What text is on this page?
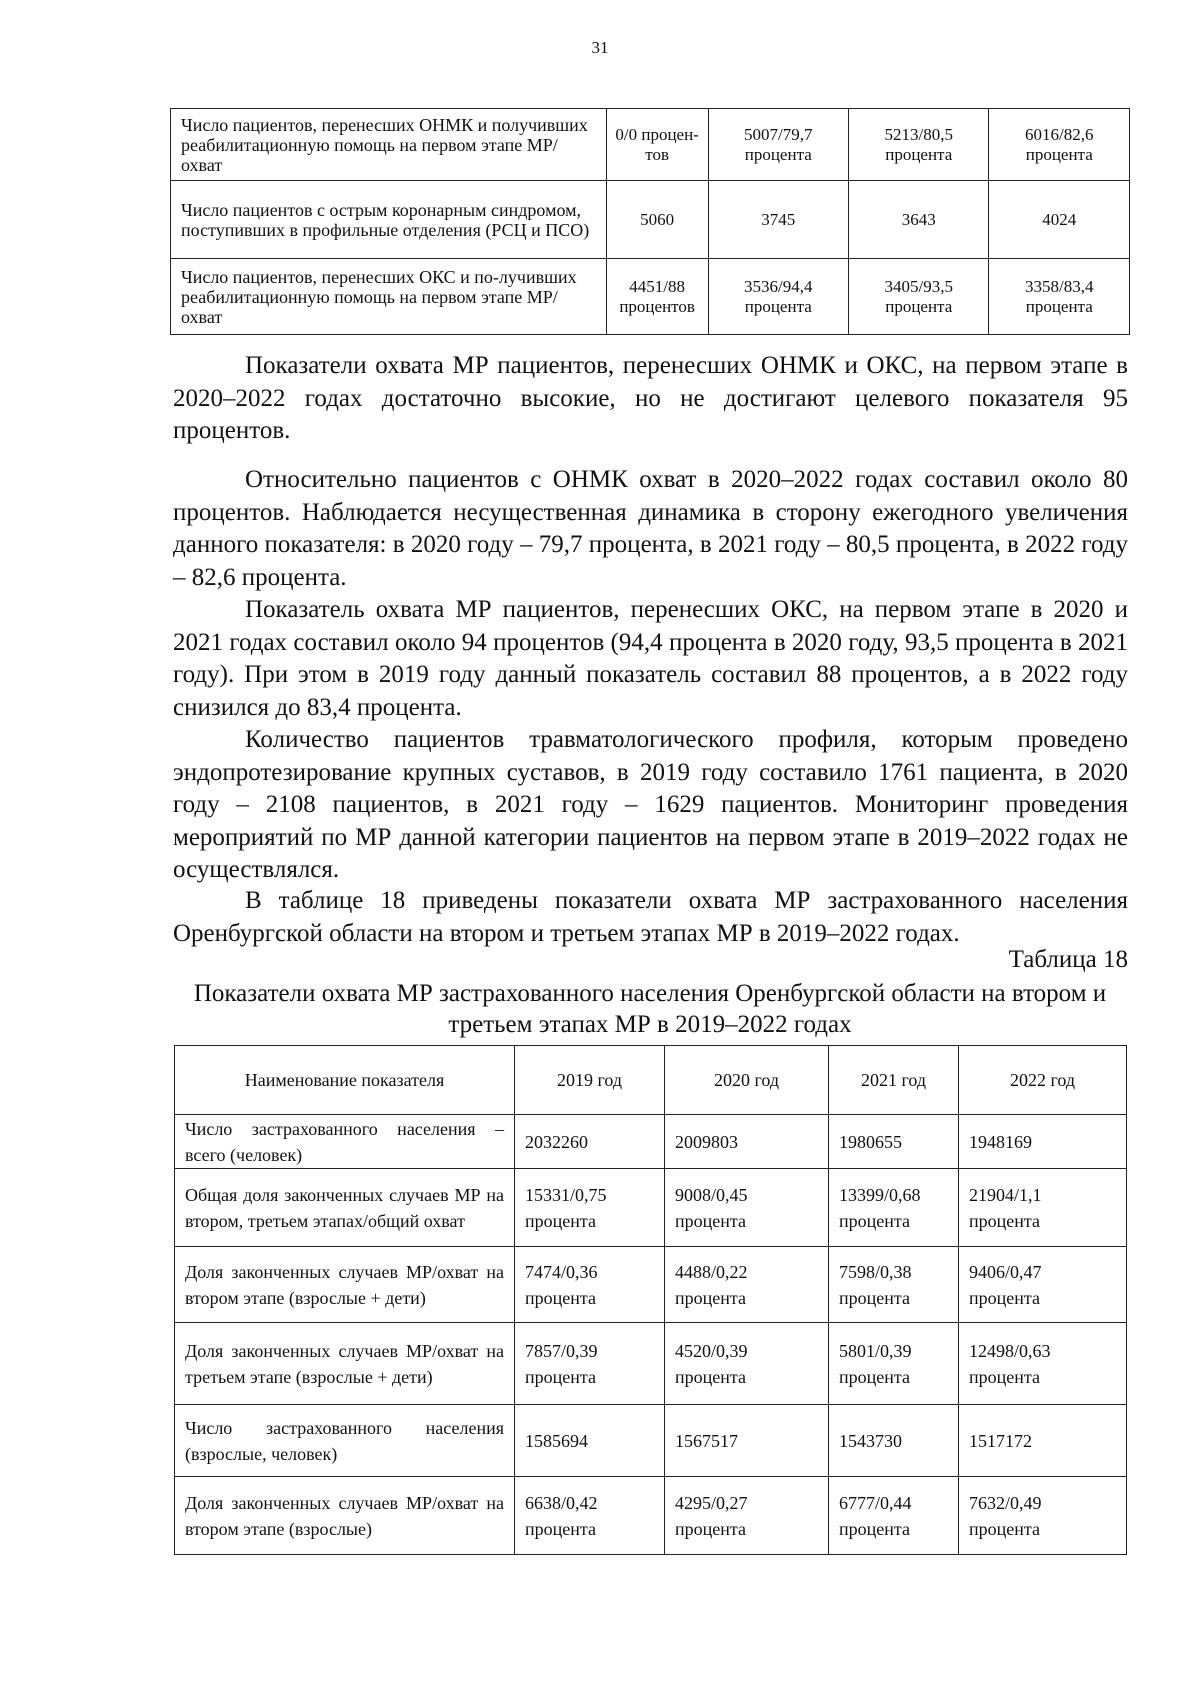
31
Число пациентов, перенесших ОНМК и получивших реабилитационную помощь на первом этапе МР/охват	0/0 процен-тов	5007/79,7 процента	5213/80,5 процента	6016/82,6 процента
Число пациентов с острым коронарным синдромом, поступивших в профильные отделения (РСЦ и ПСО)	5060	3745	3643	4024
Число пациентов, перенесших ОКС и по-лучивших реабилитационную помощь на первом этапе МР/охват	4451/88 процентов	3536/94,4 процента	3405/93,5 процента	3358/83,4 процента

Показатели охвата МР пациентов, перенесших ОНМК и ОКС, на первом этапе в 2020–2022 годах достаточно высокие, но не достигают целевого показателя 95 процентов.

Относительно пациентов с ОНМК охват в 2020–2022 годах составил около 80 процентов. Наблюдается несущественная динамика в сторону ежегодного увеличения данного показателя: в 2020 году – 79,7 процента, в 2021 году – 80,5 процента, в 2022 году – 82,6 процента.

Показатель охвата МР пациентов, перенесших ОКС, на первом этапе в 2020 и 2021 годах составил около 94 процентов (94,4 процента в 2020 году, 93,5 процента в 2021 году). При этом в 2019 году данный показатель составил 88 процентов, а в 2022 году снизился до 83,4 процента.

Количество пациентов травматологического профиля, которым проведено эндопротезирование крупных суставов, в 2019 году составило 1761 пациента, в 2020 году – 2108 пациентов, в 2021 году – 1629 пациентов. Мониторинг проведения мероприятий по МР данной категории пациентов на первом этапе в 2019–2022 годах не осуществлялся.

В таблице 18 приведены показатели охвата МР застрахованного населения Оренбургской области на втором и третьем этапах МР в 2019–2022 годах.

Таблица 18
Показатели охвата МР застрахованного населения Оренбургской области на втором и третьем этапах МР в 2019–2022 годах
Наименование показателя	2019 год	2020 год	2021 год	2022 год
Число застрахованного населения – всего (человек)	2032260	2009803	1980655	1948169
Общая доля законченных случаев МР на втором, третьем этапах/общий охват	15331/0,75 процента	9008/0,45 процента	13399/0,68 процента	21904/1,1 процента
Доля законченных случаев МР/охват на втором этапе (взрослые + дети)	7474/0,36 процента	4488/0,22 процента	7598/0,38 процента	9406/0,47 процента
Доля законченных случаев МР/охват на третьем этапе (взрослые + дети)	7857/0,39 процента	4520/0,39 процента	5801/0,39 процента	12498/0,63 процента
Число застрахованного населения (взрослые, человек)	1585694	1567517	1543730	1517172
Доля законченных случаев МР/охват на втором этапе (взрослые)	6638/0,42 процента	4295/0,27 процента	6777/0,44 процента	7632/0,49 процента
